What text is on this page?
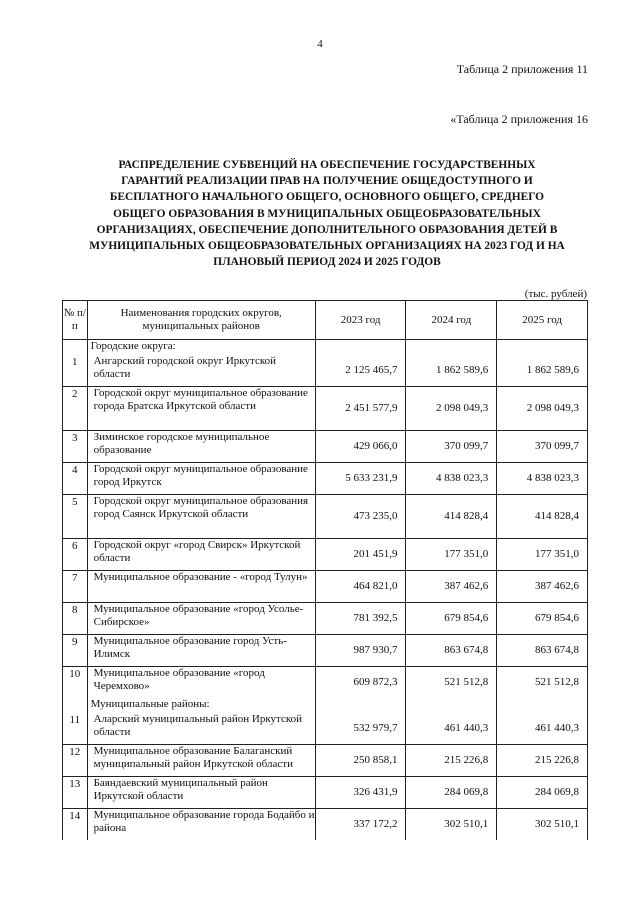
4
Таблица 2 приложения 11
«Таблица 2 приложения 16
РАСПРЕДЕЛЕНИЕ СУБВЕНЦИЙ НА ОБЕСПЕЧЕНИЕ ГОСУДАРСТВЕННЫХ ГАРАНТИЙ РЕАЛИЗАЦИИ ПРАВ НА ПОЛУЧЕНИЕ ОБЩЕДОСТУПНОГО И БЕСПЛАТНОГО НАЧАЛЬНОГО ОБЩЕГО, ОСНОВНОГО ОБЩЕГО, СРЕДНЕГО ОБЩЕГО ОБРАЗОВАНИЯ В МУНИЦИПАЛЬНЫХ ОБЩЕОБРАЗОВАТЕЛЬНЫХ ОРГАНИЗАЦИЯХ, ОБЕСПЕЧЕНИЕ ДОПОЛНИТЕЛЬНОГО ОБРАЗОВАНИЯ ДЕТЕЙ В МУНИЦИПАЛЬНЫХ ОБЩЕОБРАЗОВАТЕЛЬНЫХ ОРГАНИЗАЦИЯХ НА 2023 ГОД И НА ПЛАНОВЫЙ ПЕРИОД 2024 И 2025 ГОДОВ
(тыс. рублей)
№ п/п	Наименования городских округов, муниципальных районов	2023 год	2024 год	2025 год
	Городские округа:			
1	Ангарский городской округ Иркутской области	2 125 465,7	1 862 589,6	1 862 589,6
2	Городской округ муниципальное образование города Братска Иркутской области	2 451 577,9	2 098 049,3	2 098 049,3
3	Зиминское городское муниципальное образование	429 066,0	370 099,7	370 099,7
4	Городской округ муниципальное образование город Иркутск	5 633 231,9	4 838 023,3	4 838 023,3
5	Городской округ муниципальное образования город Саянск Иркутской области	473 235,0	414 828,4	414 828,4
6	Городской округ «город Свирск» Иркутской области	201 451,9	177 351,0	177 351,0
7	Муниципальное образование - «город Тулун»	464 821,0	387 462,6	387 462,6
8	Муниципальное образование «город Усолье-Сибирское»	781 392,5	679 854,6	679 854,6
9	Муниципальное образование город Усть-Илимск	987 930,7	863 674,8	863 674,8
10	Муниципальное образование «город Черемхово»	609 872,3	521 512,8	521 512,8
	Муниципальные районы:			
11	Аларский муниципальный район Иркутской области	532 979,7	461 440,3	461 440,3
12	Муниципальное образование Балаганский муниципальный район Иркутской области	250 858,1	215 226,8	215 226,8
13	Баяндаевский муниципальный район Иркутской области	326 431,9	284 069,8	284 069,8
14	Муниципальное образование города Бодайбо и района	337 172,2	302 510,1	302 510,1
